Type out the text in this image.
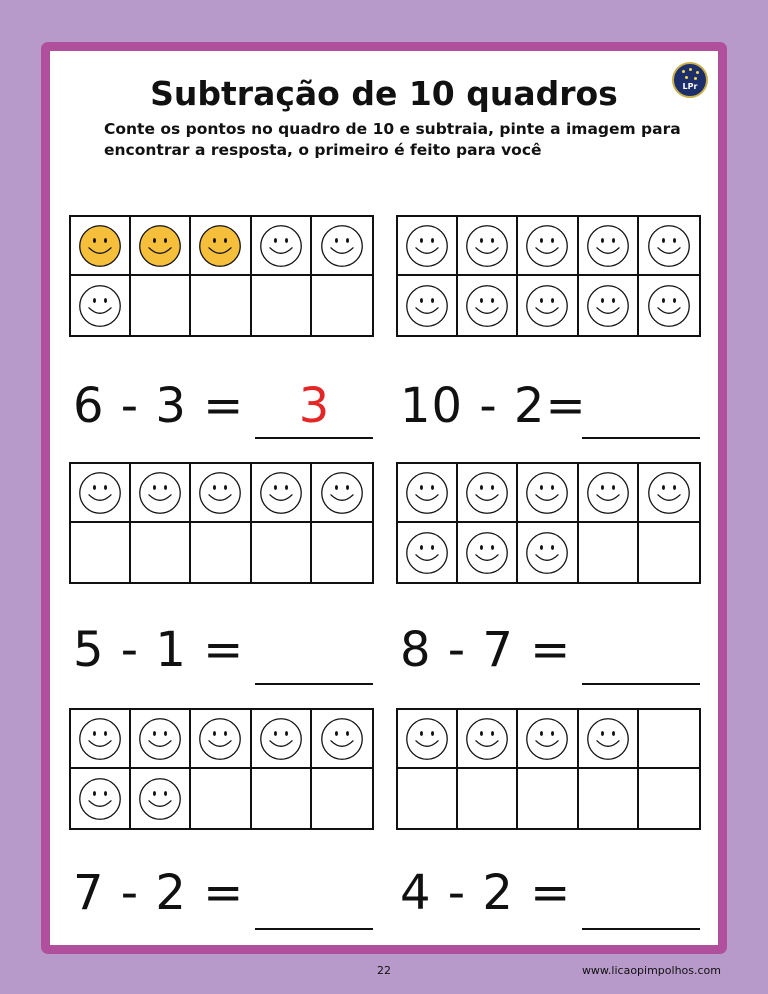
Subtração de 10 quadros
Conte os pontos no quadro de 10 e subtraia, pinte a imagem para encontrar a resposta, o primeiro é feito para você
LPr
6 - 3 =	3	10 - 2=
5 - 1 =	8 - 7 =
7 - 2 =	4 - 2 =
22	www.licaopimpolhos.com
